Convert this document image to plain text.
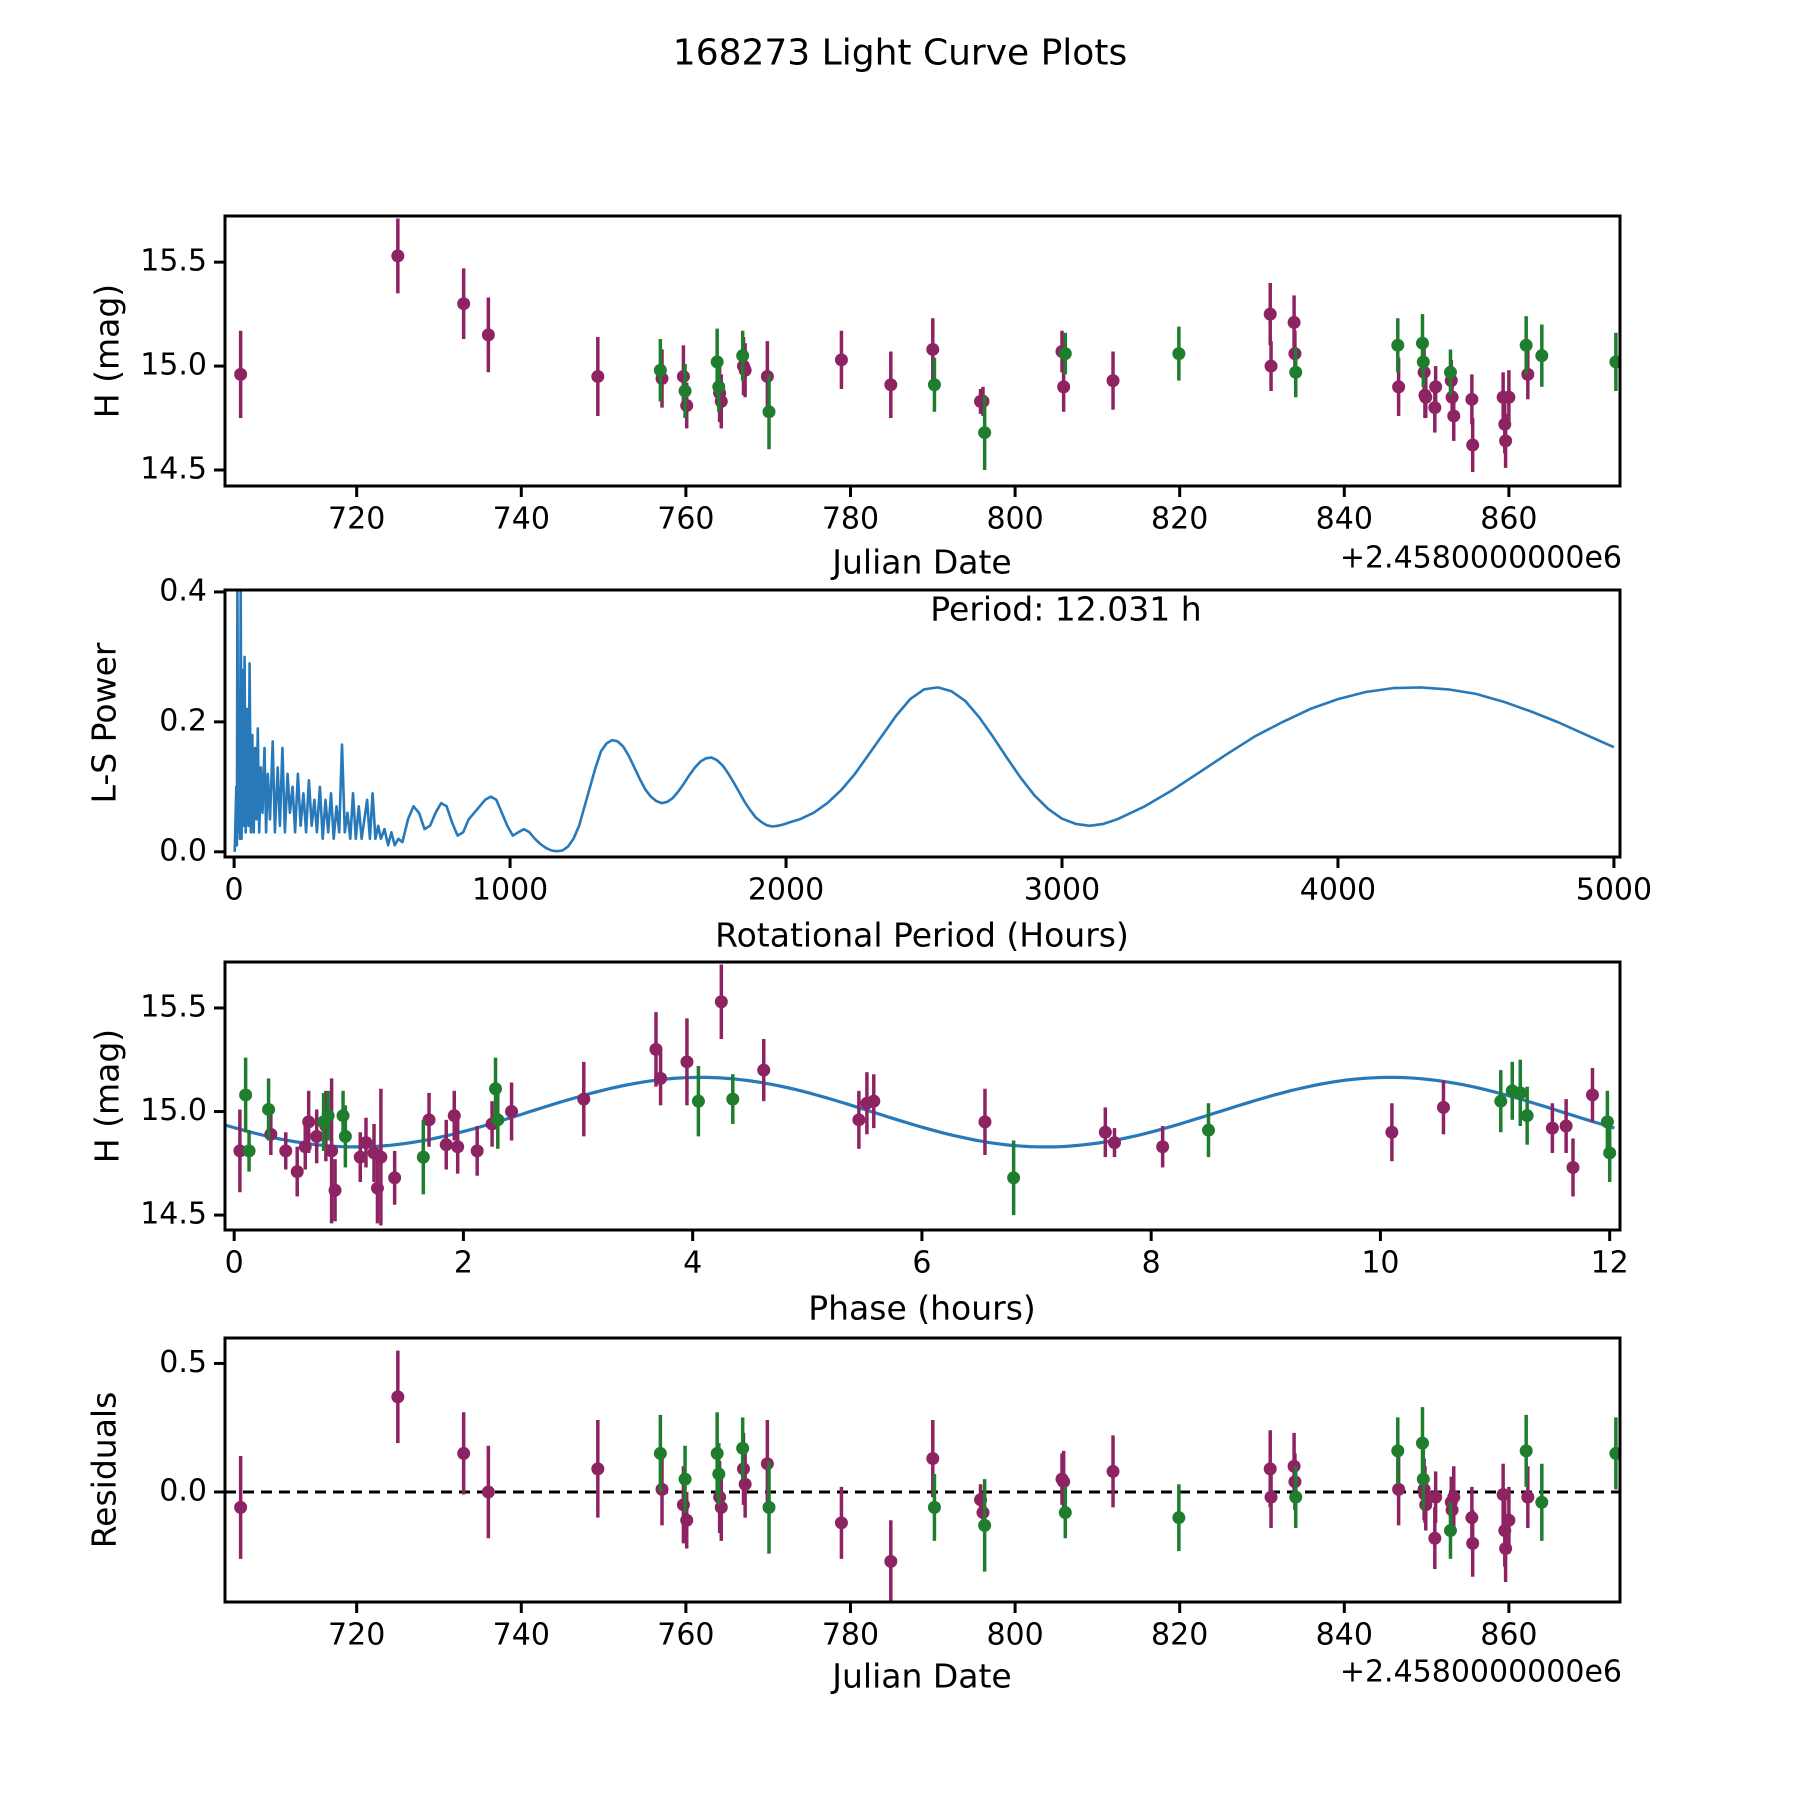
720	740	760	780	800	820	840	860
14.5
15.0
15.5
0	1000	2000	3000	4000	5000
0.0
0.2
0.4
0	2	4	6	8	10	12
14.5
15.0
15.5
720	740	760	780	800	820	840	860
0.0
0.5
168273 Light Curve Plots
H (mag)
Julian Date	+2.4580000000e6
L-S Power
Rotational Period (Hours)
Period: 12.031 h
H (mag)
Phase (hours)
Residuals
Julian Date	+2.4580000000e6
